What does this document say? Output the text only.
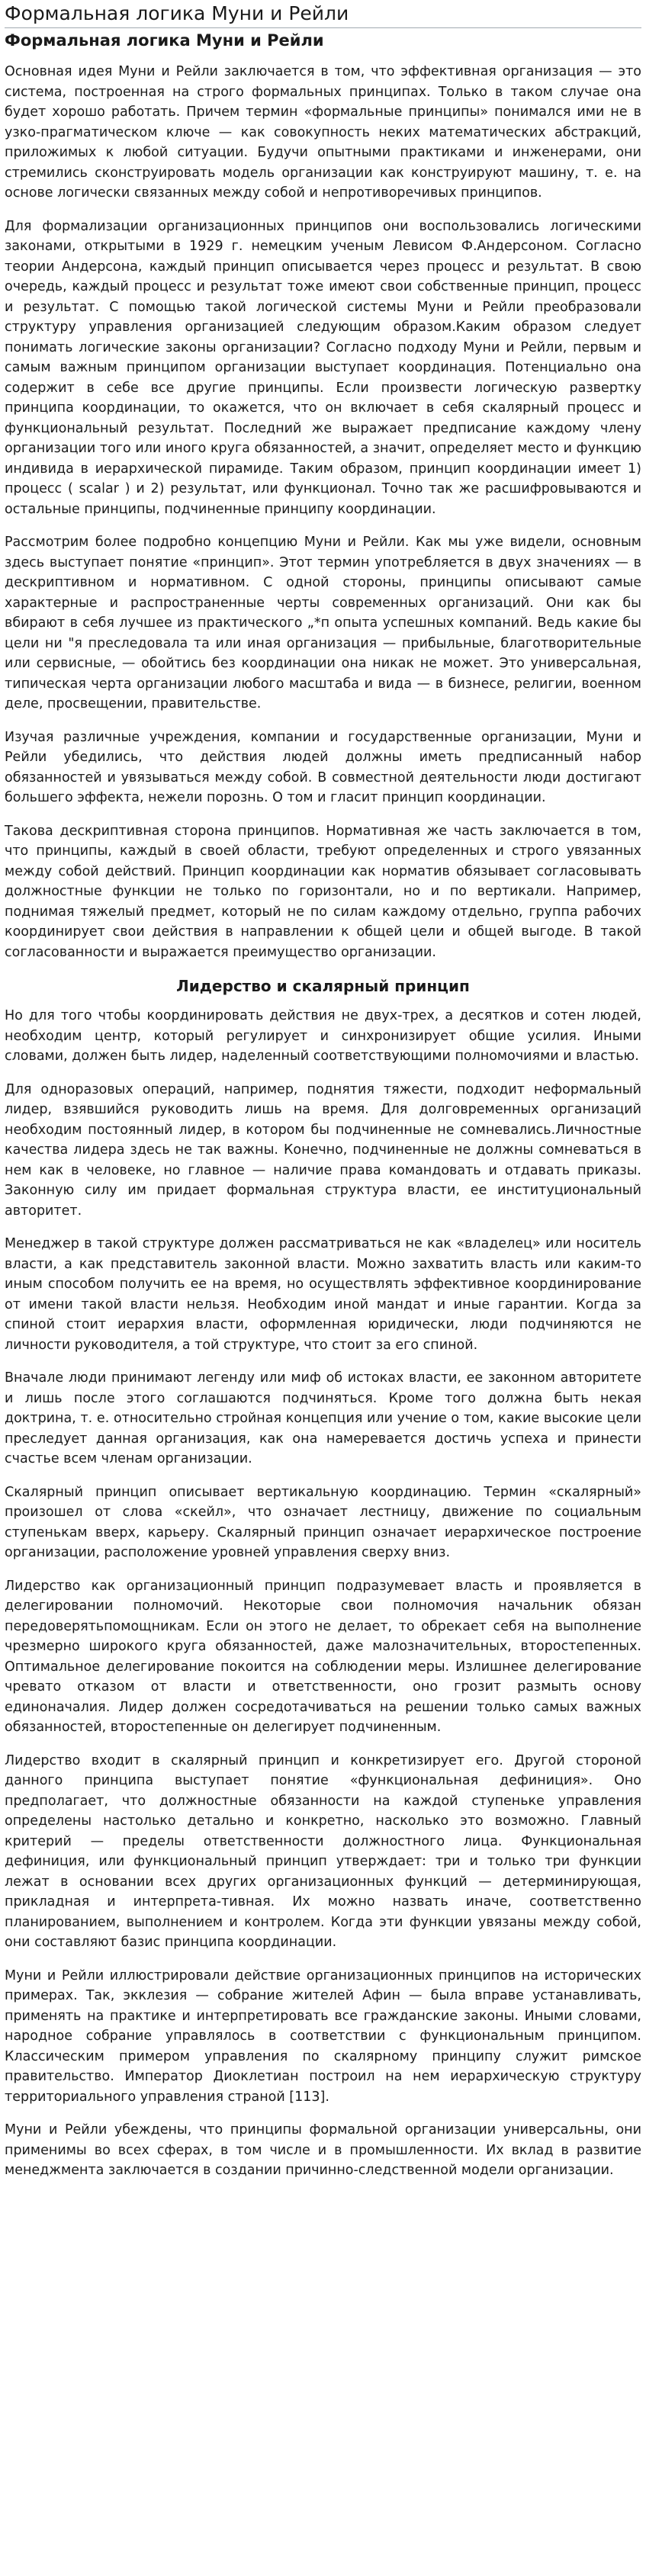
Формальная логика Муни и Рейли
Формальная логика Муни и Рейли

Основная идея Муни и Рейли заключается в том, что эффективная организация — это система, построенная на строго формальных принципах. Только в таком случае она будет хорошо работать. Причем термин «формальные принципы» понимался ими не в узко-прагматическом ключе — как совокупность неких математических абстракций, приложимых к любой ситуации. Будучи опытными практиками и инженерами, они стремились сконструировать модель организации как конструируют машину, т. е. на основе логически связанных между собой и непротиворечивых принципов.

Для формализации организационных принципов они воспользовались логическими законами, открытыми в 1929 г. немецким ученым Левисом Ф.Андерсоном. Согласно теории Андерсона, каждый принцип описывается через процесс и результат. В свою очередь, каждый процесс и результат тоже имеют свои собственные принцип, процесс и результат. С помощью такой логической системы Муни и Рейли преобразовали структуру управления организацией следующим образом.Каким образом следует понимать логические законы организации? Согласно подходу Муни и Рейли, первым и самым важным принципом организации выступает координация. Потенциально она содержит в себе все другие принципы. Если произвести логическую развертку принципа координации, то окажется, что он включает в себя скалярный процесс и функциональный результат. Последний же выражает предписание каждому члену организации того или иного круга обязанностей, а значит, определяет место и функцию индивида в иерархической пирамиде. Таким образом, принцип координации имеет 1) процесс ( scalar ) и 2) результат, или функционал. Точно так же расшифровываются и остальные принципы, подчиненные принципу координации.

Рассмотрим более подробно концепцию Муни и Рейли. Как мы уже видели, основным здесь выступает понятие «принцип». Этот термин употребляется в двух значениях — в дескриптивном и нормативном. С одной стороны, принципы описывают самые характерные и распространенные черты современных организаций. Они как бы вбирают в себя лучшее из практического „*п опыта успешных компаний. Ведь какие бы цели ни "я преследовала та или иная организация — прибыльные, благотворительные или сервисные, — обойтись без координации она никак не может. Это универсальная, типическая черта организации любого масштаба и вида — в бизнесе, религии, военном деле, просвещении, правительстве.

Изучая различные учреждения, компании и государственные организации, Муни и Рейли убедились, что действия людей должны иметь предписанный набор обязанностей и увязываться между собой. В совместной деятельности люди достигают большего эффекта, нежели порознь. О том и гласит принцип координации.

Такова дескриптивная сторона принципов. Нормативная же часть заключается в том, что принципы, каждый в своей области, требуют определенных и строго увязанных между собой действий. Принцип координации как норматив обязывает согласовывать должностные функции не только по горизонтали, но и по вертикали. Например, поднимая тяжелый предмет, который не по силам каждому отдельно, группа рабочих координирует свои действия в направлении к общей цели и общей выгоде. В такой согласованности и выражается преимущество организации.

Лидерство и скалярный принцип

Но для того чтобы координировать действия не двух-трех, а десятков и сотен людей, необходим центр, который регулирует и синхронизирует общие усилия. Иными словами, должен быть лидер, наделенный соответствующими полномочиями и властью.

Для одноразовых операций, например, поднятия тяжести, подходит неформальный лидер, взявшийся руководить лишь на время. Для долговременных организаций необходим постоянный лидер, в котором бы подчиненные не сомневались.Личностные качества лидера здесь не так важны. Конечно, подчиненные не должны сомневаться в нем как в человеке, но главное — наличие права командовать и отдавать приказы. Законную силу им придает формальная структура власти, ее институциональный авторитет.

Менеджер в такой структуре должен рассматриваться не как «владелец» или носитель власти, а как представитель законной власти. Можно захватить власть или каким-то иным способом получить ее на время, но осуществлять эффективное координирование от имени такой власти нельзя. Необходим иной мандат и иные гарантии. Когда за спиной стоит иерархия власти, оформленная юридически, люди подчиняются не личности руководителя, а той структуре, что стоит за его спиной.

Вначале люди принимают легенду или миф об истоках власти, ее законном авторитете и лишь после этого соглашаются подчиняться. Кроме того должна быть некая доктрина, т. е. относительно стройная концепция или учение о том, какие высокие цели преследует данная организация, как она намеревается достичь успеха и принести счастье всем членам организации.

Скалярный принцип описывает вертикальную координацию. Термин «скалярный» произошел от слова «скейл», что означает лестницу, движение по социальным ступенькам вверх, карьеру. Скалярный принцип означает иерархическое построение организации, расположение уровней управления сверху вниз.

Лидерство как организационный принцип подразумевает власть и проявляется в делегировании полномочий. Некоторые свои полномочия начальник обязан передоверятьпомощникам. Если он этого не делает, то обрекает себя на выполнение чрезмерно широкого круга обязанностей, даже малозначительных, второстепенных. Оптимальное делегирование покоится на соблюдении меры. Излишнее делегирование чревато отказом от власти и ответственности, оно грозит размыть основу единоначалия. Лидер должен сосредотачиваться на решении только самых важных обязанностей, второстепенные он делегирует подчиненным.

Лидерство входит в скалярный принцип и конкретизирует его. Другой стороной данного принципа выступает понятие «функциональная дефиниция». Оно предполагает, что должностные обязанности на каждой ступеньке управления определены настолько детально и конкретно, насколько это возможно. Главный критерий — пределы ответственности должностного лица. Функциональная дефиниция, или функциональный принцип утверждает: три и только три функции лежат в основании всех других организационных функций — детерминирующая, прикладная и интерпрета-тивная. Их можно назвать иначе, соответственно планированием, выполнением и контролем. Когда эти функции увязаны между собой, они составляют базис принципа координации.

Муни и Рейли иллюстрировали действие организационных принципов на исторических примерах. Так, экклезия — собрание жителей Афин — была вправе устанавливать, применять на практике и интерпретировать все гражданские законы. Иными словами, народное собрание управлялось в соответствии с функциональным принципом. Классическим примером управления по скалярному принципу служит римское правительство. Император Диоклетиан построил на нем иерархическую структуру территориального управления страной [113].

Муни и Рейли убеждены, что принципы формальной организации универсальны, они применимы во всех сферах, в том числе и в промышленности. Их вклад в развитие менеджмента заключается в создании причинно-следственной модели организации.
